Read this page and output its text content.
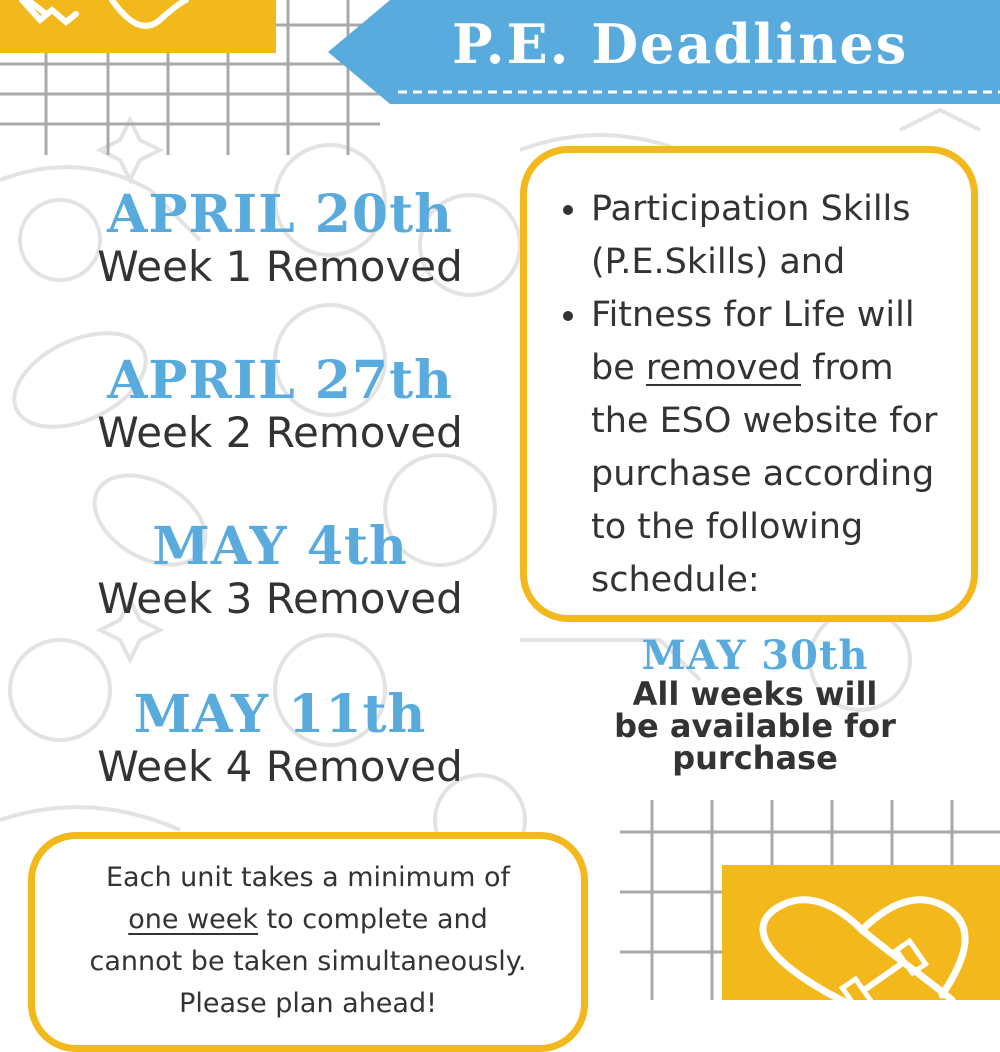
P.E. Deadlines
APRIL 20th
Week 1 Removed
APRIL 27th
Week 2 Removed
MAY 4th
Week 3 Removed
MAY 11th
Week 4 Removed
Participation Skills (P.E.Skills) and
Fitness for Life will be removed from the ESO website for purchase according to the following schedule:
MAY 30th
All weeks will
be available for
purchase
Each unit takes a minimum of
one week to complete and
cannot be taken simultaneously.
Please plan ahead!
